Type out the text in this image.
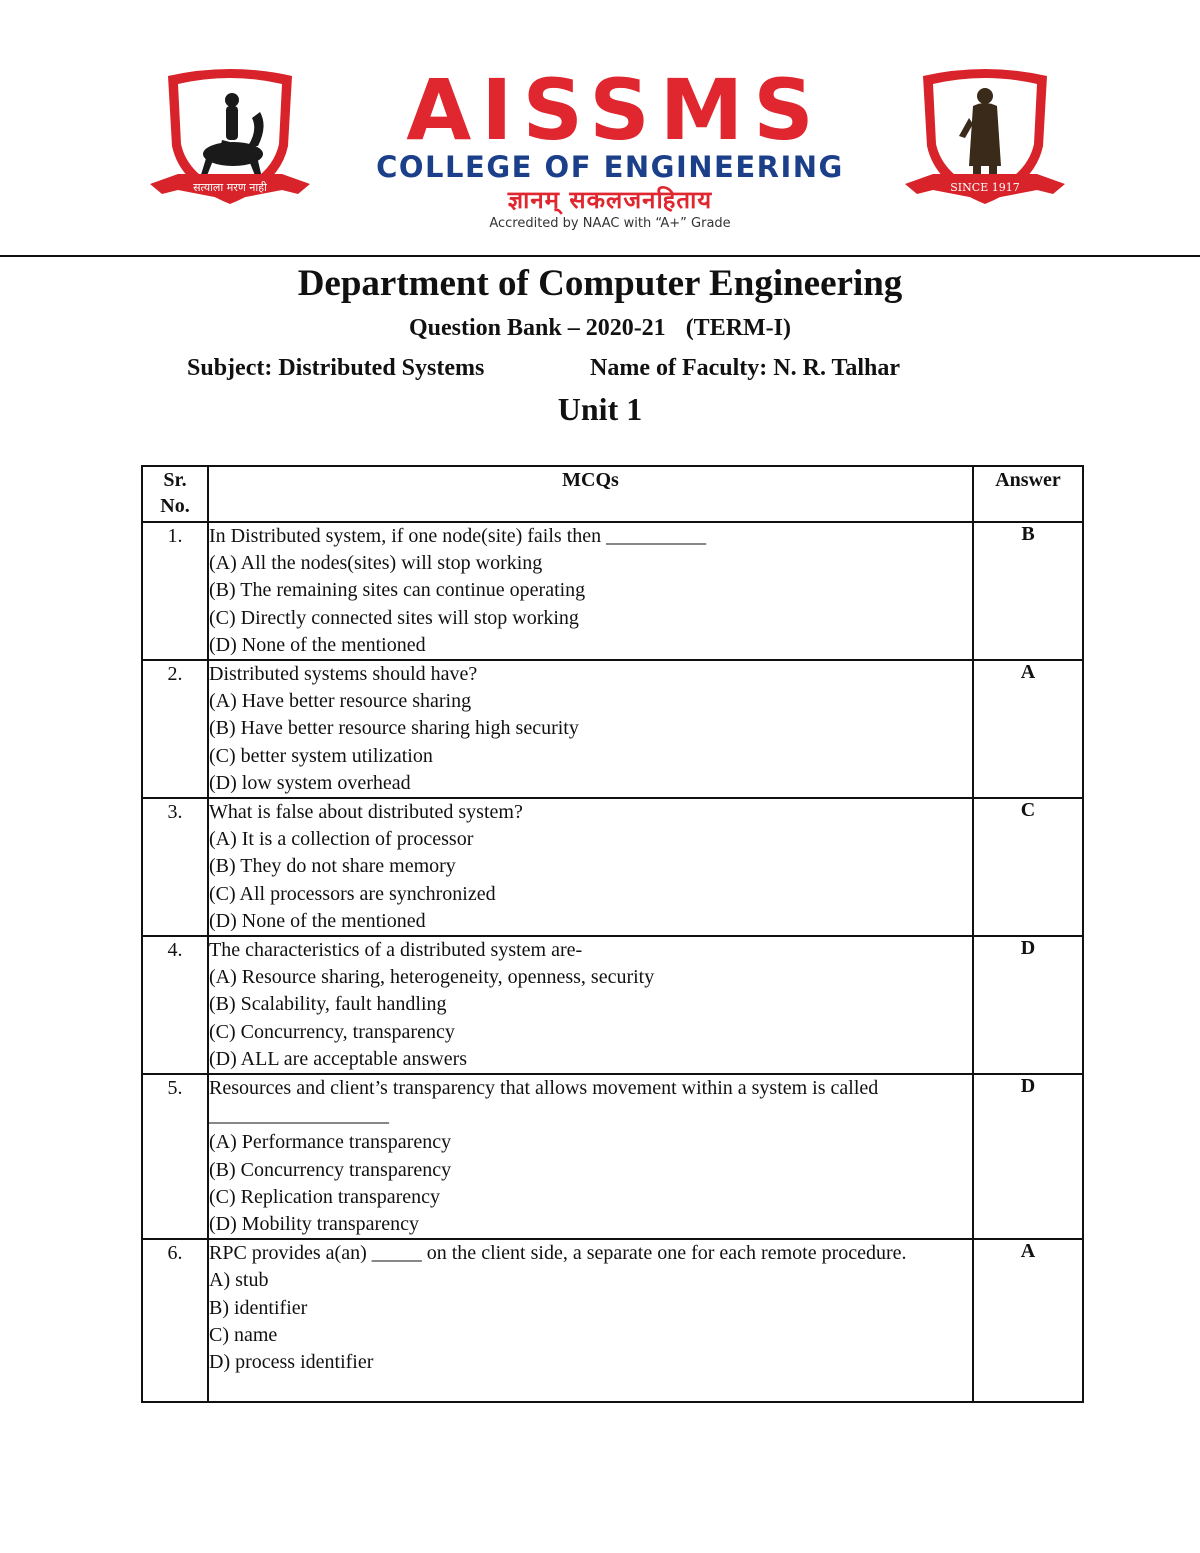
सत्याला मरण नाही
AISSMS
COLLEGE OF ENGINEERING
ज्ञानम् सकलजनहिताय
Accredited by NAAC with “A+” Grade
SINCE 1917
Department of Computer Engineering
Question Bank – 2020-21 (TERM-I)
Subject: Distributed Systems	Name of Faculty: N. R. Talhar
Unit 1
Sr.
No.	MCQs	Answer
1.	In Distributed system, if one node(site) fails then __________
(A) All the nodes(sites) will stop working
(B) The remaining sites can continue operating
(C) Directly connected sites will stop working
(D) None of the mentioned	B
2.	Distributed systems should have?
(A) Have better resource sharing
(B) Have better resource sharing high security
(C) better system utilization
(D) low system overhead	A
3.	What is false about distributed system?
(A) It is a collection of processor
(B) They do not share memory
(C) All processors are synchronized
(D) None of the mentioned	C
4.	The characteristics of a distributed system are-
(A) Resource sharing, heterogeneity, openness, security
(B) Scalability, fault handling
(C) Concurrency, transparency
(D) ALL are acceptable answers	D
5.	Resources and client’s transparency that allows movement within a system is called __________________
(A) Performance transparency
(B) Concurrency transparency
(C) Replication transparency
(D) Mobility transparency	D
6.	RPC provides a(an) _____ on the client side, a separate one for each remote procedure.
A) stub
B) identifier
C) name
D) process identifier	A
